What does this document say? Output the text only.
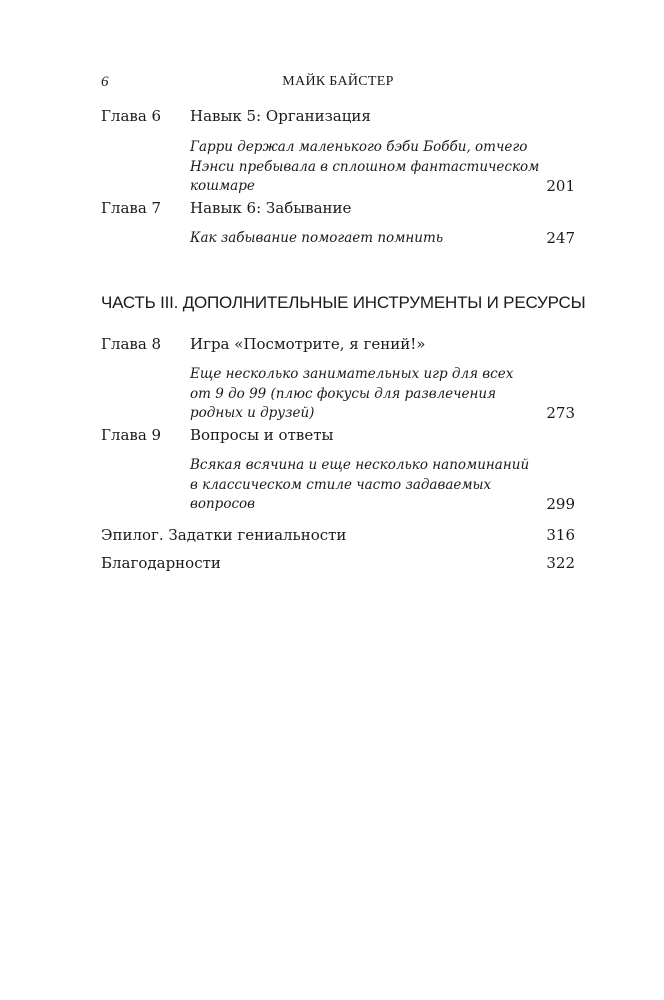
6	МАЙК БАЙСТЕР
Глава 6 Навык 5: Организация
Гарри держал маленького бэби Бобби, отчего
Нэнси пребывала в сплошном фантастическом
кошмаре	201
Глава 7 Навык 6: Забывание
Как забывание помогает помнить	247
ЧАСТЬ III. ДОПОЛНИТЕЛЬНЫЕ ИНСТРУМЕНТЫ И РЕСУРСЫ
Глава 8 Игра «Посмотрите, я гений!»
Еще несколько занимательных игр для всех
от 9 до 99 (плюс фокусы для развлечения
родных и друзей)	273
Глава 9 Вопросы и ответы
Всякая всячина и еще несколько напоминаний
в классическом стиле часто задаваемых
вопросов	299
Эпилог. Задатки гениальности	316
Благодарности	322
